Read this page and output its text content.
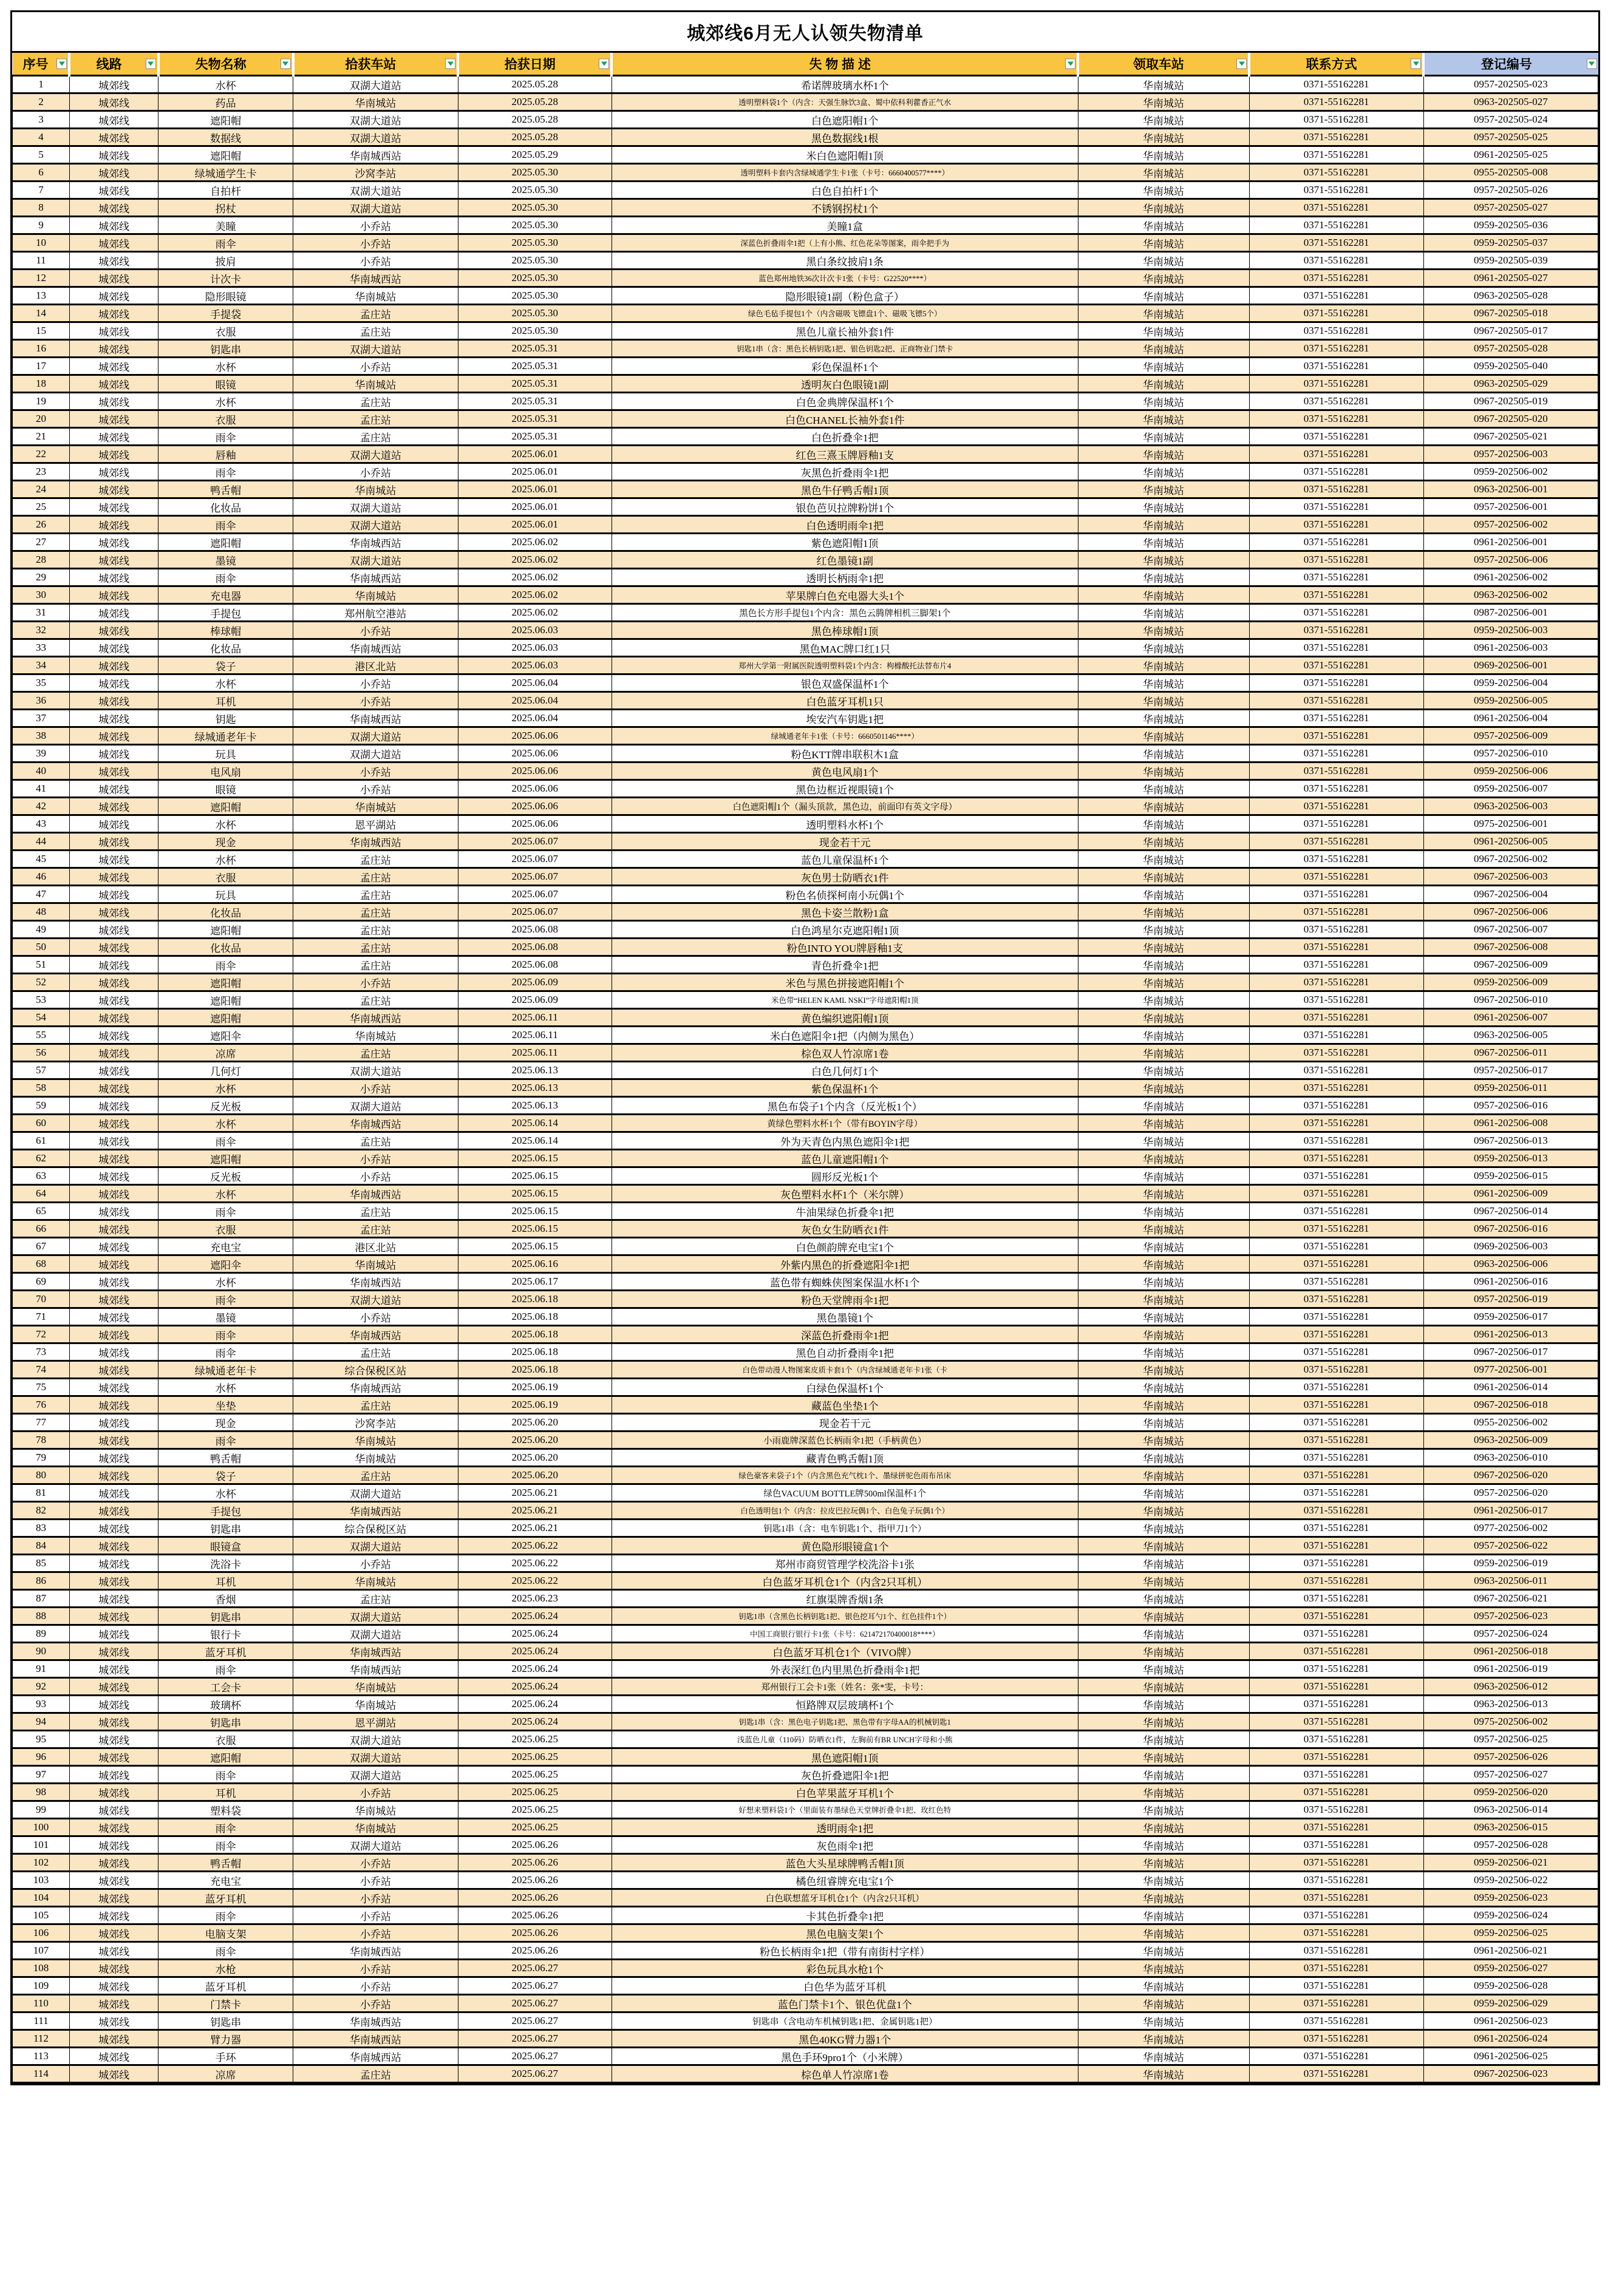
城郊线6月无人认领失物清单
序号	线路	失物名称	拾获车站	拾获日期	失 物 描 述	领取车站	联系方式	登记编号

1	城郊线	水杯	双湖大道站	2025.05.28	希诺牌玻璃水杯1个	华南城站	0371-55162281	0957-202505-023
2	城郊线	药品	华南城站	2025.05.28	透明塑料袋1个（内含：天强生脉饮3盒、蜀中依科利藿香正气水	华南城站	0371-55162281	0963-202505-027
3	城郊线	遮阳帽	双湖大道站	2025.05.28	白色遮阳帽1个	华南城站	0371-55162281	0957-202505-024
4	城郊线	数据线	双湖大道站	2025.05.28	黑色数据线1根	华南城站	0371-55162281	0957-202505-025
5	城郊线	遮阳帽	华南城西站	2025.05.29	米白色遮阳帽1顶	华南城站	0371-55162281	0961-202505-025
6	城郊线	绿城通学生卡	沙窝李站	2025.05.30	透明塑料卡套内含绿城通学生卡1张（卡号：6660400577****）	华南城站	0371-55162281	0955-202505-008
7	城郊线	自拍杆	双湖大道站	2025.05.30	白色自拍杆1个	华南城站	0371-55162281	0957-202505-026
8	城郊线	拐杖	双湖大道站	2025.05.30	不锈钢拐杖1个	华南城站	0371-55162281	0957-202505-027
9	城郊线	美瞳	小乔站	2025.05.30	美瞳1盒	华南城站	0371-55162281	0959-202505-036
10	城郊线	雨伞	小乔站	2025.05.30	深蓝色折叠雨伞1把（上有小熊、红色花朵等图案，雨伞把手为	华南城站	0371-55162281	0959-202505-037
11	城郊线	披肩	小乔站	2025.05.30	黑白条纹披肩1条	华南城站	0371-55162281	0959-202505-039
12	城郊线	计次卡	华南城西站	2025.05.30	蓝色郑州地铁36次计次卡1张（卡号：G22520****）	华南城站	0371-55162281	0961-202505-027
13	城郊线	隐形眼镜	华南城站	2025.05.30	隐形眼镜1副（粉色盒子）	华南城站	0371-55162281	0963-202505-028
14	城郊线	手提袋	孟庄站	2025.05.30	绿色毛毡手提包1个（内含磁吸飞镖盘1个、磁吸飞镖5个）	华南城站	0371-55162281	0967-202505-018
15	城郊线	衣服	孟庄站	2025.05.30	黑色儿童长袖外套1件	华南城站	0371-55162281	0967-202505-017
16	城郊线	钥匙串	双湖大道站	2025.05.31	钥匙1串（含：黑色长柄钥匙1把、银色钥匙2把、正商物业门禁卡	华南城站	0371-55162281	0957-202505-028
17	城郊线	水杯	小乔站	2025.05.31	彩色保温杯1个	华南城站	0371-55162281	0959-202505-040
18	城郊线	眼镜	华南城站	2025.05.31	透明灰白色眼镜1副	华南城站	0371-55162281	0963-202505-029
19	城郊线	水杯	孟庄站	2025.05.31	白色金典牌保温杯1个	华南城站	0371-55162281	0967-202505-019
20	城郊线	衣服	孟庄站	2025.05.31	白色CHANEL长袖外套1件	华南城站	0371-55162281	0967-202505-020
21	城郊线	雨伞	孟庄站	2025.05.31	白色折叠伞1把	华南城站	0371-55162281	0967-202505-021
22	城郊线	唇釉	双湖大道站	2025.06.01	红色三熹玉牌唇釉1支	华南城站	0371-55162281	0957-202506-003
23	城郊线	雨伞	小乔站	2025.06.01	灰黑色折叠雨伞1把	华南城站	0371-55162281	0959-202506-002
24	城郊线	鸭舌帽	华南城站	2025.06.01	黑色牛仔鸭舌帽1顶	华南城站	0371-55162281	0963-202506-001
25	城郊线	化妆品	双湖大道站	2025.06.01	银色芭贝拉牌粉饼1个	华南城站	0371-55162281	0957-202506-001
26	城郊线	雨伞	双湖大道站	2025.06.01	白色透明雨伞1把	华南城站	0371-55162281	0957-202506-002
27	城郊线	遮阳帽	华南城西站	2025.06.02	紫色遮阳帽1顶	华南城站	0371-55162281	0961-202506-001
28	城郊线	墨镜	双湖大道站	2025.06.02	红色墨镜1副	华南城站	0371-55162281	0957-202506-006
29	城郊线	雨伞	华南城西站	2025.06.02	透明长柄雨伞1把	华南城站	0371-55162281	0961-202506-002
30	城郊线	充电器	华南城站	2025.06.02	苹果牌白色充电器大头1个	华南城站	0371-55162281	0963-202506-002
31	城郊线	手提包	郑州航空港站	2025.06.02	黑色长方形手提包1个内含：黑色云腾牌相机三脚架1个	华南城站	0371-55162281	0987-202506-001
32	城郊线	棒球帽	小乔站	2025.06.03	黑色棒球帽1顶	华南城站	0371-55162281	0959-202506-003
33	城郊线	化妆品	华南城西站	2025.06.03	黑色MAC牌口红1只	华南城站	0371-55162281	0961-202506-003
34	城郊线	袋子	港区北站	2025.06.03	郑州大学第一附属医院透明塑料袋1个内含：枸橼酸托法替布片4	华南城站	0371-55162281	0969-202506-001
35	城郊线	水杯	小乔站	2025.06.04	银色双盛保温杯1个	华南城站	0371-55162281	0959-202506-004
36	城郊线	耳机	小乔站	2025.06.04	白色蓝牙耳机1只	华南城站	0371-55162281	0959-202506-005
37	城郊线	钥匙	华南城西站	2025.06.04	埃安汽车钥匙1把	华南城站	0371-55162281	0961-202506-004
38	城郊线	绿城通老年卡	双湖大道站	2025.06.06	绿城通老年卡1张（卡号：6660501146****）	华南城站	0371-55162281	0957-202506-009
39	城郊线	玩具	双湖大道站	2025.06.06	粉色KTT牌串联积木1盒	华南城站	0371-55162281	0957-202506-010
40	城郊线	电风扇	小乔站	2025.06.06	黄色电风扇1个	华南城站	0371-55162281	0959-202506-006
41	城郊线	眼镜	小乔站	2025.06.06	黑色边框近视眼镜1个	华南城站	0371-55162281	0959-202506-007
42	城郊线	遮阳帽	华南城站	2025.06.06	白色遮阳帽1个（漏头顶款，黑色边，前面印有英文字母）	华南城站	0371-55162281	0963-202506-003
43	城郊线	水杯	恩平湖站	2025.06.06	透明塑料水杯1个	华南城站	0371-55162281	0975-202506-001
44	城郊线	现金	华南城西站	2025.06.07	现金若干元	华南城站	0371-55162281	0961-202506-005
45	城郊线	水杯	孟庄站	2025.06.07	蓝色儿童保温杯1个	华南城站	0371-55162281	0967-202506-002
46	城郊线	衣服	孟庄站	2025.06.07	灰色男士防晒衣1件	华南城站	0371-55162281	0967-202506-003
47	城郊线	玩具	孟庄站	2025.06.07	粉色名侦探柯南小玩偶1个	华南城站	0371-55162281	0967-202506-004
48	城郊线	化妆品	孟庄站	2025.06.07	黑色卡姿兰散粉1盒	华南城站	0371-55162281	0967-202506-006
49	城郊线	遮阳帽	孟庄站	2025.06.08	白色鸿星尔克遮阳帽1顶	华南城站	0371-55162281	0967-202506-007
50	城郊线	化妆品	孟庄站	2025.06.08	粉色INTO YOU牌唇釉1支	华南城站	0371-55162281	0967-202506-008
51	城郊线	雨伞	孟庄站	2025.06.08	青色折叠伞1把	华南城站	0371-55162281	0967-202506-009
52	城郊线	遮阳帽	小乔站	2025.06.09	米色与黑色拼接遮阳帽1个	华南城站	0371-55162281	0959-202506-009
53	城郊线	遮阳帽	孟庄站	2025.06.09	米色带“HELEN KAML NSKI”字母遮阳帽1顶	华南城站	0371-55162281	0967-202506-010
54	城郊线	遮阳帽	华南城西站	2025.06.11	黄色编织遮阳帽1顶	华南城站	0371-55162281	0961-202506-007
55	城郊线	遮阳伞	华南城站	2025.06.11	米白色遮阳伞1把（内侧为黑色）	华南城站	0371-55162281	0963-202506-005
56	城郊线	凉席	孟庄站	2025.06.11	棕色双人竹凉席1卷	华南城站	0371-55162281	0967-202506-011
57	城郊线	几何灯	双湖大道站	2025.06.13	白色几何灯1个	华南城站	0371-55162281	0957-202506-017
58	城郊线	水杯	小乔站	2025.06.13	紫色保温杯1个	华南城站	0371-55162281	0959-202506-011
59	城郊线	反光板	双湖大道站	2025.06.13	黑色布袋子1个内含（反光板1个）	华南城站	0371-55162281	0957-202506-016
60	城郊线	水杯	华南城西站	2025.06.14	黄绿色塑料水杯1个（带有BOYIN字母）	华南城站	0371-55162281	0961-202506-008
61	城郊线	雨伞	孟庄站	2025.06.14	外为天青色内黑色遮阳伞1把	华南城站	0371-55162281	0967-202506-013
62	城郊线	遮阳帽	小乔站	2025.06.15	蓝色儿童遮阳帽1个	华南城站	0371-55162281	0959-202506-013
63	城郊线	反光板	小乔站	2025.06.15	圆形反光板1个	华南城站	0371-55162281	0959-202506-015
64	城郊线	水杯	华南城西站	2025.06.15	灰色塑料水杯1个（米尔牌）	华南城站	0371-55162281	0961-202506-009
65	城郊线	雨伞	孟庄站	2025.06.15	牛油果绿色折叠伞1把	华南城站	0371-55162281	0967-202506-014
66	城郊线	衣服	孟庄站	2025.06.15	灰色女生防晒衣1件	华南城站	0371-55162281	0967-202506-016
67	城郊线	充电宝	港区北站	2025.06.15	白色颜韵牌充电宝1个	华南城站	0371-55162281	0969-202506-003
68	城郊线	遮阳伞	华南城站	2025.06.16	外紫内黑色的折叠遮阳伞1把	华南城站	0371-55162281	0963-202506-006
69	城郊线	水杯	华南城西站	2025.06.17	蓝色带有蜘蛛侠图案保温水杯1个	华南城站	0371-55162281	0961-202506-016
70	城郊线	雨伞	双湖大道站	2025.06.18	粉色天堂牌雨伞1把	华南城站	0371-55162281	0957-202506-019
71	城郊线	墨镜	小乔站	2025.06.18	黑色墨镜1个	华南城站	0371-55162281	0959-202506-017
72	城郊线	雨伞	华南城西站	2025.06.18	深蓝色折叠雨伞1把	华南城站	0371-55162281	0961-202506-013
73	城郊线	雨伞	孟庄站	2025.06.18	黑色自动折叠雨伞1把	华南城站	0371-55162281	0967-202506-017
74	城郊线	绿城通老年卡	综合保税区站	2025.06.18	白色带动漫人物图案皮质卡套1个（内含绿城通老年卡1张（卡	华南城站	0371-55162281	0977-202506-001
75	城郊线	水杯	华南城西站	2025.06.19	白绿色保温杯1个	华南城站	0371-55162281	0961-202506-014
76	城郊线	坐垫	孟庄站	2025.06.19	藏蓝色坐垫1个	华南城站	0371-55162281	0967-202506-018
77	城郊线	现金	沙窝李站	2025.06.20	现金若干元	华南城站	0371-55162281	0955-202506-002
78	城郊线	雨伞	华南城站	2025.06.20	小雨鹿牌深蓝色长柄雨伞1把（手柄黄色）	华南城站	0371-55162281	0963-202506-009
79	城郊线	鸭舌帽	华南城站	2025.06.20	藏青色鸭舌帽1顶	华南城站	0371-55162281	0963-202506-010
80	城郊线	袋子	孟庄站	2025.06.20	绿色豪客来袋子1个（内含黑色充气枕1个、墨绿拼驼色雨布吊床	华南城站	0371-55162281	0967-202506-020
81	城郊线	水杯	双湖大道站	2025.06.21	绿色VACUUM BOTTLE牌500ml保温杯1个	华南城站	0371-55162281	0957-202506-020
82	城郊线	手提包	华南城西站	2025.06.21	白色透明包1个（内含：拉皮巴拉玩偶1个、白色兔子玩偶1个）	华南城站	0371-55162281	0961-202506-017
83	城郊线	钥匙串	综合保税区站	2025.06.21	钥匙1串（含：电车钥匙1个、指甲刀1个）	华南城站	0371-55162281	0977-202506-002
84	城郊线	眼镜盒	双湖大道站	2025.06.22	黄色隐形眼镜盒1个	华南城站	0371-55162281	0957-202506-022
85	城郊线	洗浴卡	小乔站	2025.06.22	郑州市商贸管理学校洗浴卡1张	华南城站	0371-55162281	0959-202506-019
86	城郊线	耳机	华南城站	2025.06.22	白色蓝牙耳机仓1个（内含2只耳机）	华南城站	0371-55162281	0963-202506-011
87	城郊线	香烟	孟庄站	2025.06.23	红旗渠牌香烟1条	华南城站	0371-55162281	0967-202506-021
88	城郊线	钥匙串	双湖大道站	2025.06.24	钥匙1串（含黑色长柄钥匙1把、银色挖耳勺1个、红色挂件1个）	华南城站	0371-55162281	0957-202506-023
89	城郊线	银行卡	双湖大道站	2025.06.24	中国工商银行银行卡1张（卡号：621472170400018****）	华南城站	0371-55162281	0957-202506-024
90	城郊线	蓝牙耳机	华南城西站	2025.06.24	白色蓝牙耳机仓1个（VIVO牌）	华南城站	0371-55162281	0961-202506-018
91	城郊线	雨伞	华南城西站	2025.06.24	外表深红色内里黑色折叠雨伞1把	华南城站	0371-55162281	0961-202506-019
92	城郊线	工会卡	华南城站	2025.06.24	郑州银行工会卡1张（姓名：张*雯，卡号：	华南城站	0371-55162281	0963-202506-012
93	城郊线	玻璃杯	华南城站	2025.06.24	恒路牌双层玻璃杯1个	华南城站	0371-55162281	0963-202506-013
94	城郊线	钥匙串	恩平湖站	2025.06.24	钥匙1串（含：黑色电子钥匙1把、黑色带有字母AA的机械钥匙1	华南城站	0371-55162281	0975-202506-002
95	城郊线	衣服	双湖大道站	2025.06.25	浅蓝色儿童（110码）防晒衣1件，左胸前有BR UNCH字母和小熊	华南城站	0371-55162281	0957-202506-025
96	城郊线	遮阳帽	双湖大道站	2025.06.25	黑色遮阳帽1顶	华南城站	0371-55162281	0957-202506-026
97	城郊线	雨伞	双湖大道站	2025.06.25	灰色折叠遮阳伞1把	华南城站	0371-55162281	0957-202506-027
98	城郊线	耳机	小乔站	2025.06.25	白色苹果蓝牙耳机1个	华南城站	0371-55162281	0959-202506-020
99	城郊线	塑料袋	华南城站	2025.06.25	好想来塑料袋1个（里面装有墨绿色天堂牌折叠伞1把、玫红色特	华南城站	0371-55162281	0963-202506-014
100	城郊线	雨伞	华南城站	2025.06.25	透明雨伞1把	华南城站	0371-55162281	0963-202506-015
101	城郊线	雨伞	双湖大道站	2025.06.26	灰色雨伞1把	华南城站	0371-55162281	0957-202506-028
102	城郊线	鸭舌帽	小乔站	2025.06.26	蓝色大头星球牌鸭舌帽1顶	华南城站	0371-55162281	0959-202506-021
103	城郊线	充电宝	小乔站	2025.06.26	橘色纽睿牌充电宝1个	华南城站	0371-55162281	0959-202506-022
104	城郊线	蓝牙耳机	小乔站	2025.06.26	白色联想蓝牙耳机仓1个（内含2只耳机）	华南城站	0371-55162281	0959-202506-023
105	城郊线	雨伞	小乔站	2025.06.26	卡其色折叠伞1把	华南城站	0371-55162281	0959-202506-024
106	城郊线	电脑支架	小乔站	2025.06.26	黑色电脑支架1个	华南城站	0371-55162281	0959-202506-025
107	城郊线	雨伞	华南城西站	2025.06.26	粉色长柄雨伞1把（带有南街村字样）	华南城站	0371-55162281	0961-202506-021
108	城郊线	水枪	小乔站	2025.06.27	彩色玩具水枪1个	华南城站	0371-55162281	0959-202506-027
109	城郊线	蓝牙耳机	小乔站	2025.06.27	白色华为蓝牙耳机	华南城站	0371-55162281	0959-202506-028
110	城郊线	门禁卡	小乔站	2025.06.27	蓝色门禁卡1个、银色优盘1个	华南城站	0371-55162281	0959-202506-029
111	城郊线	钥匙串	华南城西站	2025.06.27	钥匙串（含电动车机械钥匙1把、金属钥匙1把）	华南城站	0371-55162281	0961-202506-023
112	城郊线	臂力器	华南城西站	2025.06.27	黑色40KG臂力器1个	华南城站	0371-55162281	0961-202506-024
113	城郊线	手环	华南城西站	2025.06.27	黑色手环9pro1个（小米牌）	华南城站	0371-55162281	0961-202506-025
114	城郊线	凉席	孟庄站	2025.06.27	棕色单人竹凉席1卷	华南城站	0371-55162281	0967-202506-023
